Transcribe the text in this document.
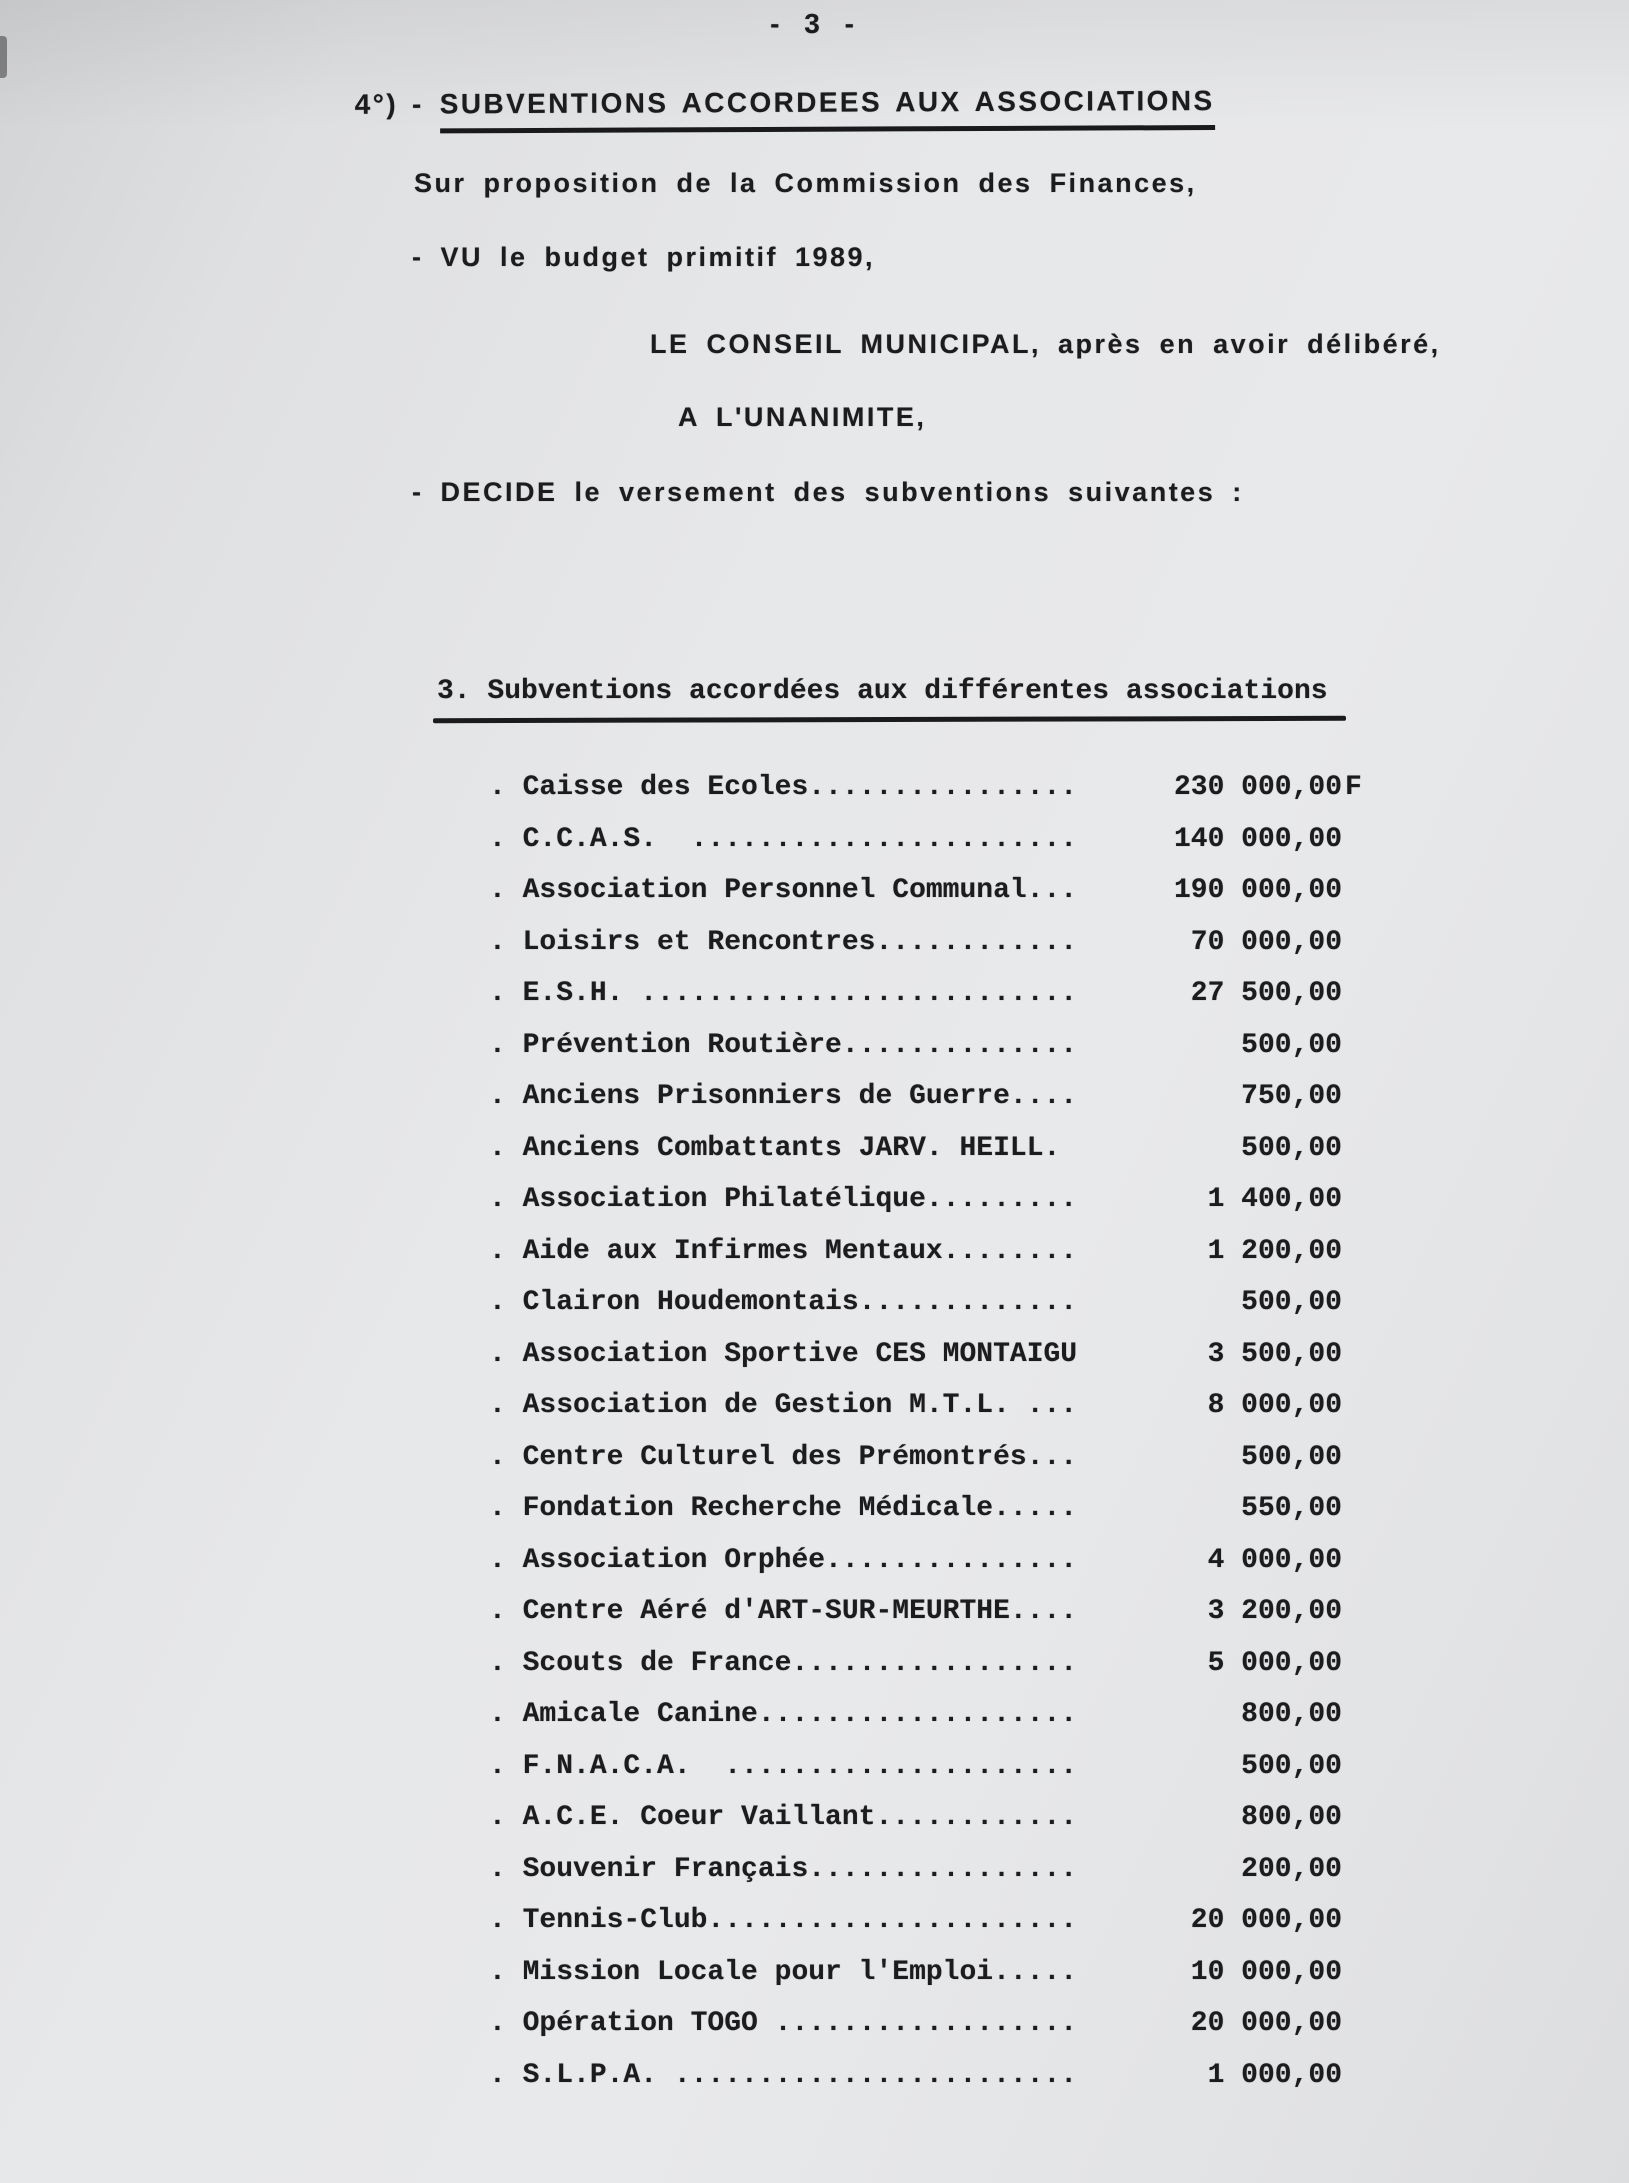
- 3 -

4°) - SUBVENTIONS ACCORDEES AUX ASSOCIATIONS

Sur proposition de la Commission des Finances,
- VU le budget primitif 1989,
LE CONSEIL MUNICIPAL, après en avoir délibéré,
A L'UNANIMITE,
- DECIDE le versement des subventions suivantes :
3. Subventions accordées aux différentes associations
. Caisse des Ecoles................	230 000,00 F
. C.C.A.S.  .......................	140 000,00
. Association Personnel Communal...	190 000,00
. Loisirs et Rencontres............	70 000,00
. E.S.H. ..........................	27 500,00
. Prévention Routière..............	500,00
. Anciens Prisonniers de Guerre....	750,00
. Anciens Combattants JARV. HEILL.	500,00
. Association Philatélique.........	1 400,00
. Aide aux Infirmes Mentaux........	1 200,00
. Clairon Houdemontais.............	500,00
. Association Sportive CES MONTAIGU	3 500,00
. Association de Gestion M.T.L. ...	8 000,00
. Centre Culturel des Prémontrés...	500,00
. Fondation Recherche Médicale.....	550,00
. Association Orphée...............	4 000,00
. Centre Aéré d'ART-SUR-MEURTHE....	3 200,00
. Scouts de France.................	5 000,00
. Amicale Canine...................	800,00
. F.N.A.C.A.  .....................	500,00
. A.C.E. Coeur Vaillant............	800,00
. Souvenir Français................	200,00
. Tennis-Club......................	20 000,00
. Mission Locale pour l'Emploi.....	10 000,00
. Opération TOGO ..................	20 000,00
. S.L.P.A. ........................	1 000,00
